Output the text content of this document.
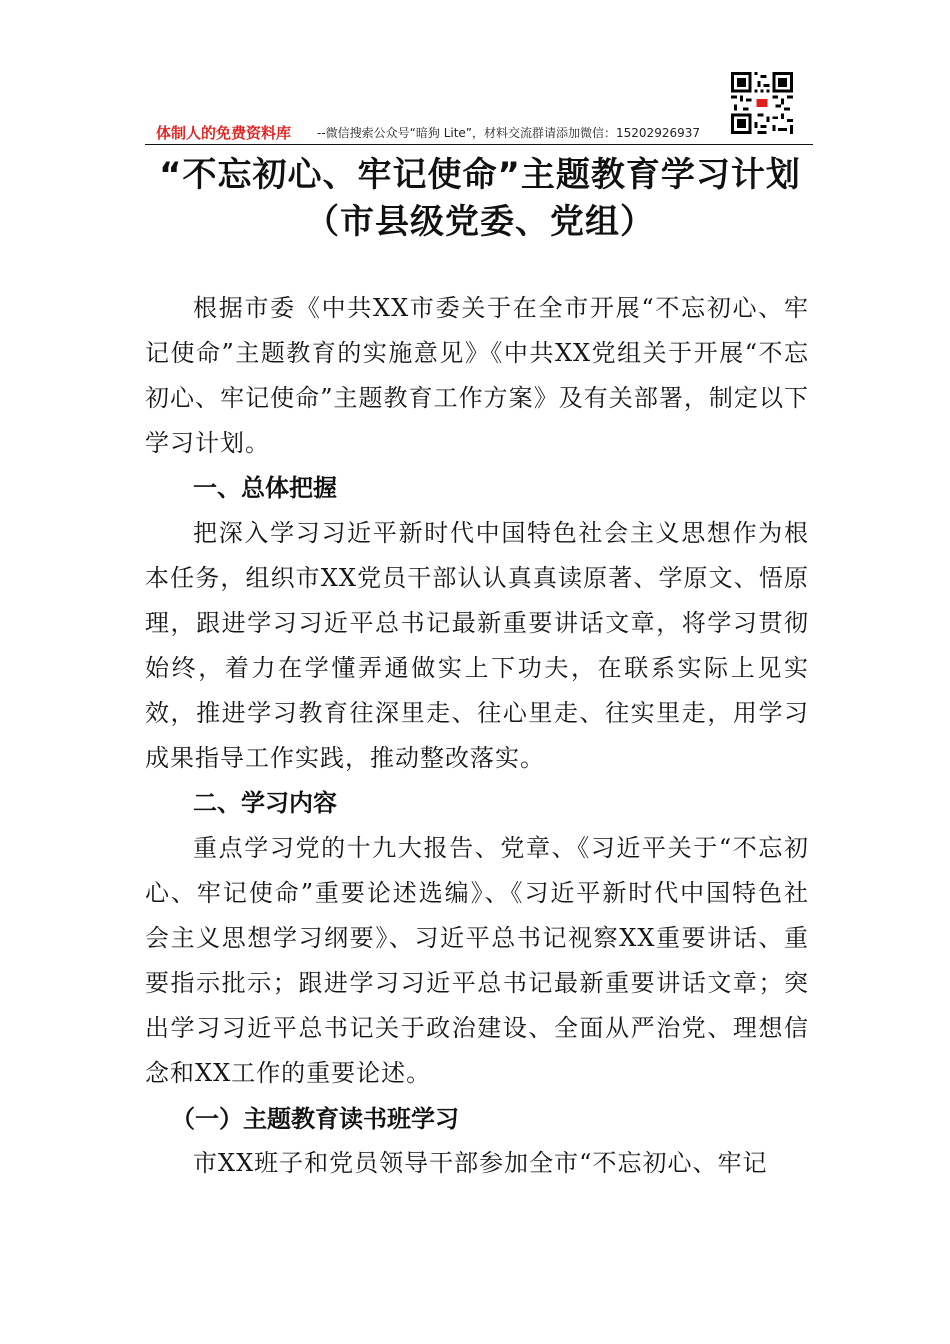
体制人的免费资料库 --微信搜索公众号“暗狗 Lite”，材料交流群请添加微信：15202926937
“不忘初心、牢记使命”主题教育学习计划（市县级党委、党组）

根据市委《中共XX市委关于在全市开展“不忘初心、牢记使命”主题教育的实施意见》《中共XX党组关于开展“不忘初心、牢记使命”主题教育工作方案》及有关部署，制定以下学习计划。

一、总体把握

把深入学习习近平新时代中国特色社会主义思想作为根本任务，组织市XX党员干部认认真真读原著、学原文、悟原理，跟进学习习近平总书记最新重要讲话文章，将学习贯彻始终，着力在学懂弄通做实上下功夫，在联系实际上见实效，推进学习教育往深里走、往心里走、往实里走，用学习成果指导工作实践，推动整改落实。

二、学习内容

重点学习党的十九大报告、党章、《习近平关于“不忘初心、牢记使命”重要论述选编》、《习近平新时代中国特色社会主义思想学习纲要》、习近平总书记视察XX重要讲话、重要指示批示；跟进学习习近平总书记最新重要讲话文章；突出学习习近平总书记关于政治建设、全面从严治党、理想信念和XX工作的重要论述。

（一）主题教育读书班学习

市XX班子和党员领导干部参加全市“不忘初心、牢记
